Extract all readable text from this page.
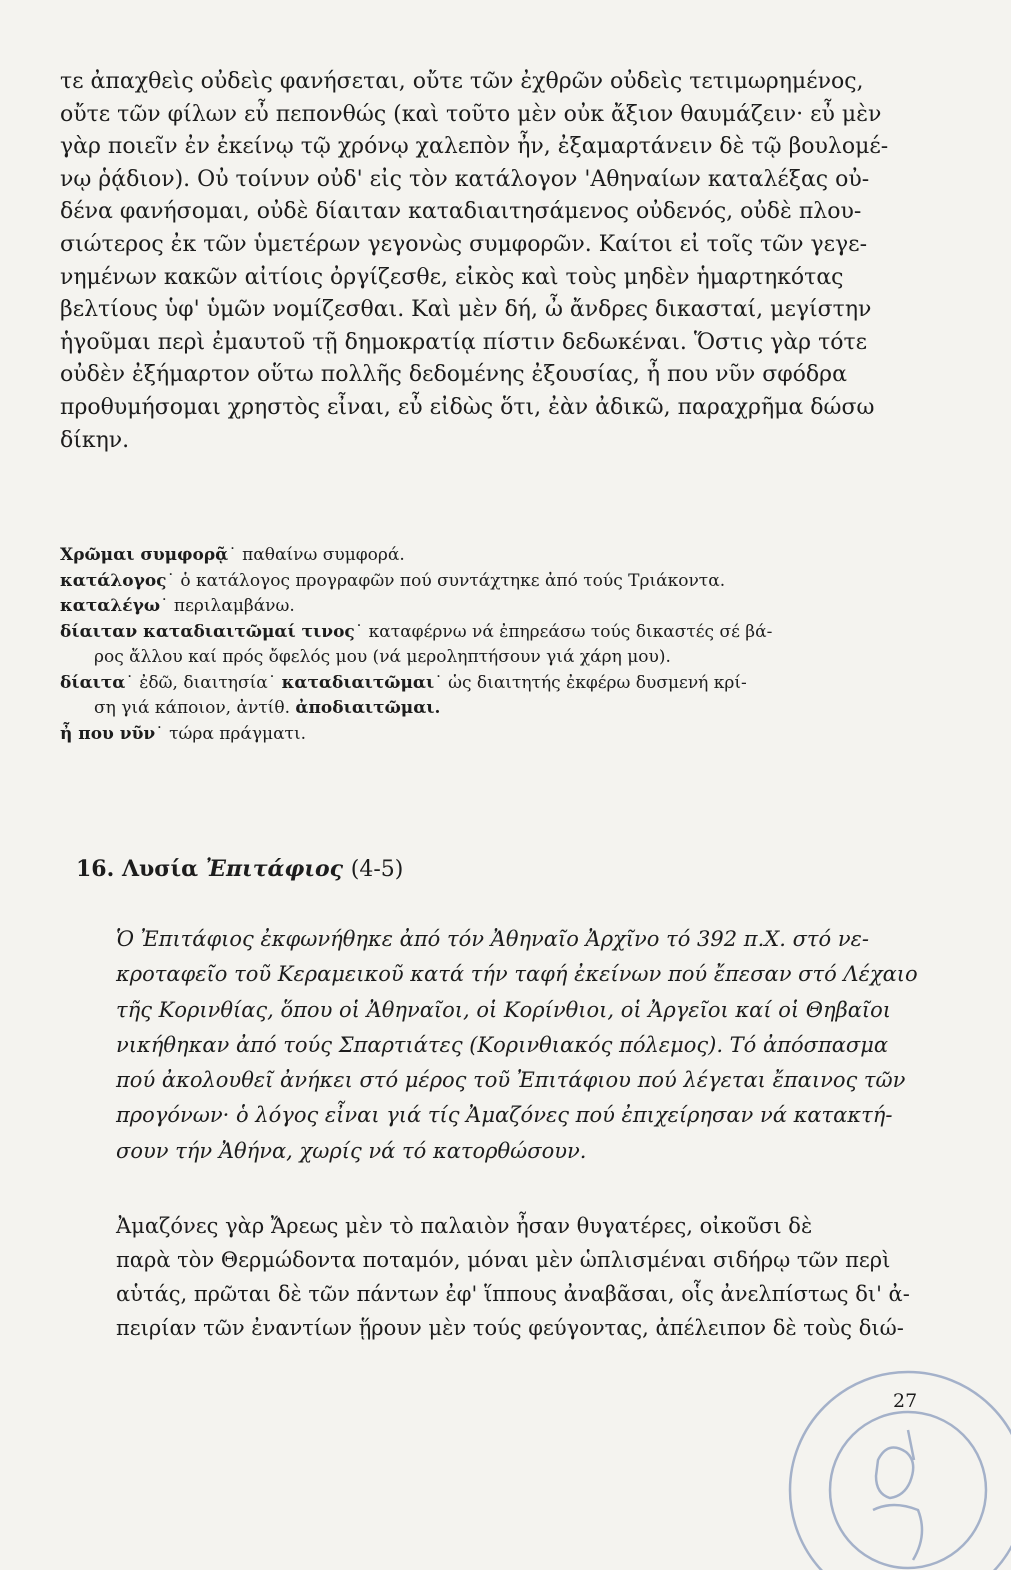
τε ἀπαχθεὶς οὐδεὶς φανήσεται, οὔτε τῶν ἐχθρῶν οὐδεὶς τετιμωρημένος,
οὔτε τῶν φίλων εὖ πεπονθώς (καὶ τοῦτο μὲν οὐκ ἄξιον θαυμάζειν· εὖ μὲν
γὰρ ποιεῖν ἐν ἐκείνῳ τῷ χρόνῳ χαλεπὸν ἦν, ἐξαμαρτάνειν δὲ τῷ βουλομέ-
νῳ ῥᾴδιον). Οὐ τοίνυν οὐδ' εἰς τὸν κατάλογον 'Αθηναίων καταλέξας οὐ-
δένα φανήσομαι, οὐδὲ δίαιταν καταδιαιτησάμενος οὐδενός, οὐδὲ πλου-
σιώτερος ἐκ τῶν ὑμετέρων γεγονὼς συμφορῶν. Καίτοι εἰ τοῖς τῶν γεγε-
νημένων κακῶν αἰτίοις ὀργίζεσθε, εἰκὸς καὶ τοὺς μηδὲν ἡμαρτηκότας
βελτίους ὑφ' ὑμῶν νομίζεσθαι. Καὶ μὲν δή, ὦ ἄνδρες δικασταί, μεγίστην
ἡγοῦμαι περὶ ἐμαυτοῦ τῇ δημοκρατίᾳ πίστιν δεδωκέναι. Ὅστις γὰρ τότε
οὐδὲν ἐξήμαρτον οὕτω πολλῆς δεδομένης ἐξουσίας, ἦ που νῦν σφόδρα
προθυμήσομαι χρηστὸς εἶναι, εὖ εἰδὼς ὅτι, ἐὰν ἀδικῶ, παραχρῆμα δώσω
δίκην.
Χρῶμαι συμφορᾷ˙ παθαίνω συμφορά.
κατάλογος˙ ὁ κατάλογος προγραφῶν πού συντάχτηκε ἀπό τούς Τριάκοντα.
καταλέγω˙ περιλαμβάνω.
δίαιταν καταδιαιτῶμαί τινος˙ καταφέρνω νά ἐπηρεάσω τούς δικαστές σέ βά-
ρος ἄλλου καί πρός ὄφελός μου (νά μεροληπτήσουν γιά χάρη μου).
δίαιτα˙ ἐδῶ, διαιτησία˙ καταδιαιτῶμαι˙ ὡς διαιτητής ἐκφέρω δυσμενή κρί-
ση γιά κάποιον, ἀντίθ. ἀποδιαιτῶμαι.
ἦ που νῦν˙ τώρα πράγματι.
16. Λυσία Ἐπιτάφιος (4-5)
Ὁ Ἐπιτάφιος ἐκφωνήθηκε ἀπό τόν Ἀθηναῖο Ἀρχῖνο τό 392 π.Χ. στό νε-
κροταφεῖο τοῦ Κεραμεικοῦ κατά τήν ταφή ἐκείνων πού ἔπεσαν στό Λέχαιο
τῆς Κορινθίας, ὅπου οἱ Ἀθηναῖοι, οἱ Κορίνθιοι, οἱ Ἀργεῖοι καί οἱ Θηβαῖοι
νικήθηκαν ἀπό τούς Σπαρτιάτες (Κορινθιακός πόλεμος). Τό ἀπόσπασμα
πού ἀκολουθεῖ ἀνήκει στό μέρος τοῦ Ἐπιτάφιου πού λέγεται ἔπαινος τῶν
προγόνων· ὁ λόγος εἶναι γιά τίς Ἀμαζόνες πού ἐπιχείρησαν νά κατακτή-
σουν τήν Ἀθήνα, χωρίς νά τό κατορθώσουν.
Ἀμαζόνες γὰρ Ἄρεως μὲν τὸ παλαιὸν ἦσαν θυγατέρες, οἰκοῦσι δὲ
παρὰ τὸν Θερμώδοντα ποταμόν, μόναι μὲν ὡπλισμέναι σιδήρῳ τῶν περὶ
αὑτάς, πρῶται δὲ τῶν πάντων ἐφ' ἵππους ἀναβᾶσαι, οἷς ἀνελπίστως δι' ἀ-
πειρίαν τῶν ἐναντίων ᾕρουν μὲν τούς φεύγοντας, ἀπέλειπον δὲ τοὺς διώ-
27
